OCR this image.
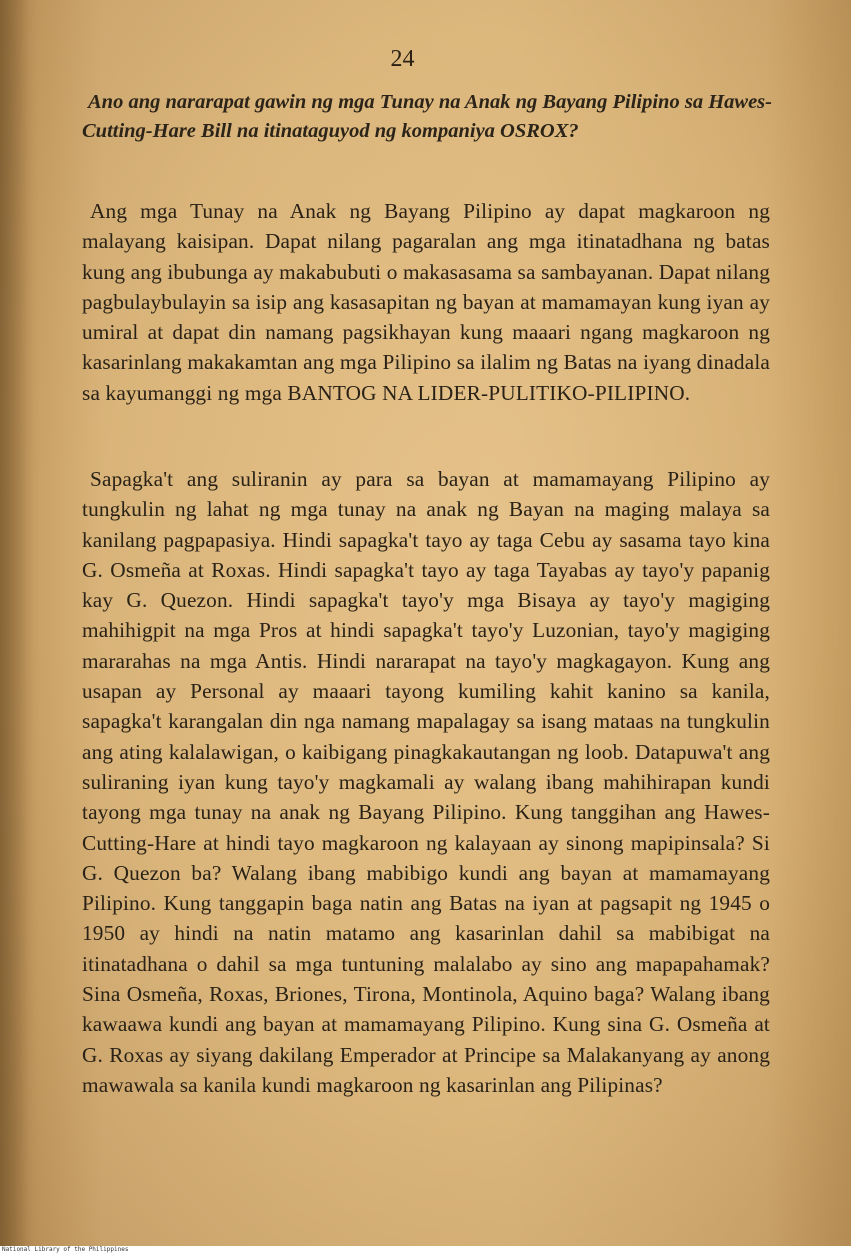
24
Ano ang nararapat gawin ng mga Tunay na Anak ng Bayang Pilipino sa Hawes-Cutting-Hare Bill na itinataguyod ng kompaniya OSROX?
Ang mga Tunay na Anak ng Bayang Pilipino ay dapat magkaroon ng malayang kaisipan. Dapat nilang pagaralan ang mga itinatadhana ng batas kung ang ibubunga ay makabubuti o makasasama sa sambayanan. Dapat nilang pagbulaybulayin sa isip ang kasasapitan ng bayan at mamamayan kung iyan ay umiral at dapat din namang pagsikhayan kung maaari ngang magkaroon ng kasarinlang makakamtan ang mga Pilipino sa ilalim ng Batas na iyang dinadala sa kayumanggi ng mga BANTOG NA LIDER-PULITIKO-PILIPINO.
Sapagka't ang suliranin ay para sa bayan at mamamayang Pilipino ay tungkulin ng lahat ng mga tunay na anak ng Bayan na maging malaya sa kanilang pagpapasiya. Hindi sapagka't tayo ay taga Cebu ay sasama tayo kina G. Osmeña at Roxas. Hindi sapagka't tayo ay taga Tayabas ay tayo'y papanig kay G. Quezon. Hindi sapagka't tayo'y mga Bisaya ay tayo'y magiging mahihigpit na mga Pros at hindi sapagka't tayo'y Luzonian, tayo'y magiging mararahas na mga Antis. Hindi nararapat na tayo'y magkagayon. Kung ang usapan ay Personal ay maaari tayong kumiling kahit kanino sa kanila, sapagka't karangalan din nga namang mapalagay sa isang mataas na tungkulin ang ating kalalawigan, o kaibigang pinagkakautangan ng loob. Datapuwa't ang suliraning iyan kung tayo'y magkamali ay walang ibang mahihirapan kundi tayong mga tunay na anak ng Bayang Pilipino. Kung tanggihan ang Hawes-Cutting-Hare at hindi tayo magkaroon ng kalayaan ay sinong mapipinsala? Si G. Quezon ba? Walang ibang mabibigo kundi ang bayan at mamamayang Pilipino. Kung tanggapin baga natin ang Batas na iyan at pagsapit ng 1945 o 1950 ay hindi na natin matamo ang kasarinlan dahil sa mabibigat na itinatadhana o dahil sa mga tuntuning malalabo ay sino ang mapapahamak? Sina Osmeña, Roxas, Briones, Tirona, Montinola, Aquino baga? Walang ibang kawaawa kundi ang bayan at mamamayang Pilipino. Kung sina G. Osmeña at G. Roxas ay siyang dakilang Emperador at Principe sa Malakanyang ay anong mawawala sa kanila kundi magkaroon ng kasarinlan ang Pilipinas?
National Library of the Philippines
